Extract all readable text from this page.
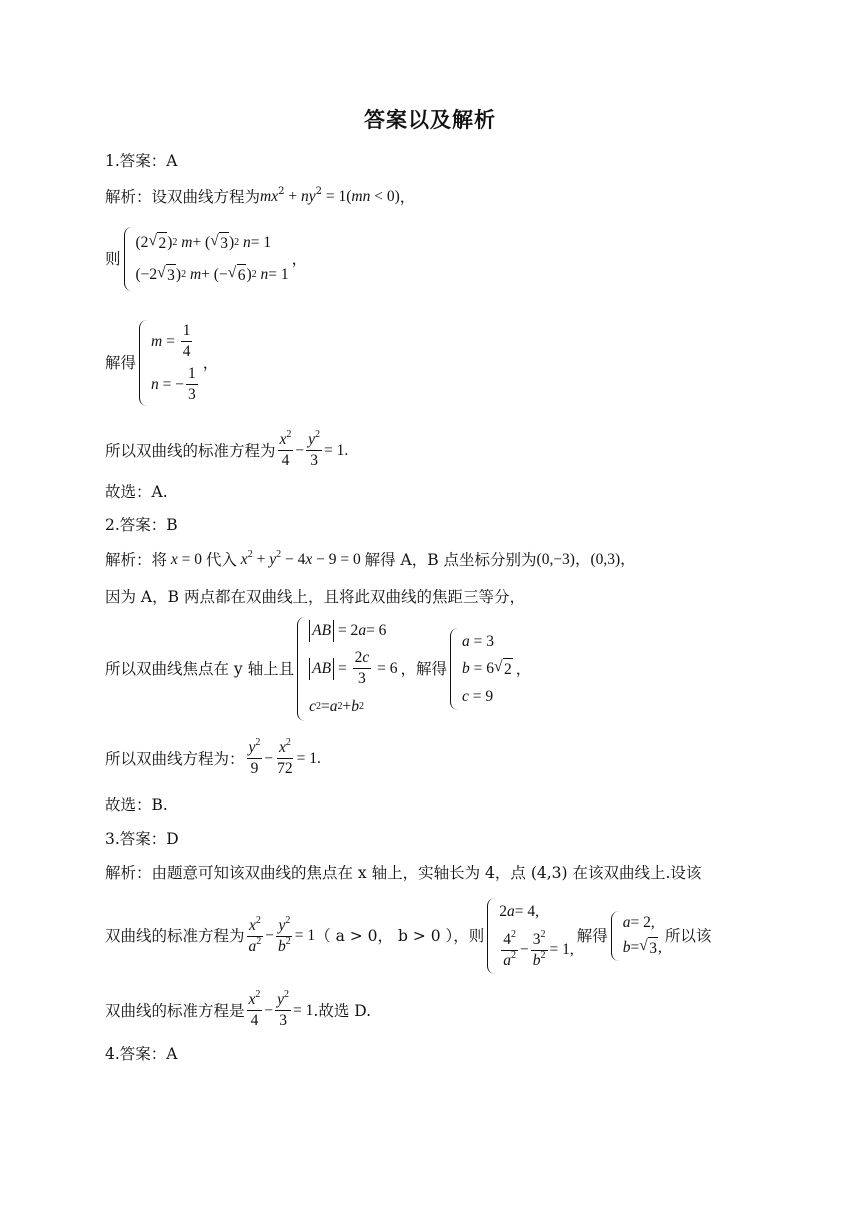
答案以及解析
1.答案：A
解析：设双曲线方程为 $mx^2 + ny^2 = 1(mn < 0)$ ，
则
(2 √ 2 ) 2 m + ( √ 3 ) 2 n = 1
(−2 √ 3 ) 2 m + (− √ 6 ) 2 n = 1
，
解得
$m = \frac{1}{4}$
n = − $\frac{1}{3}$
，
所以双曲线的标准方程为 $\frac{x^2}{4} - \frac{y^2}{3} = 1$.
故选：A.
2.答案：B
解析：将 x = 0 代入 $x^2 + y^2 - 4x - 9 = 0$ 解得 A，B 点坐标分别为 (0,−3)，(0,3)，
因为 A，B 两点都在双曲线上，且将此双曲线的焦距三等分，
所以双曲线焦点在 y 轴上且
AB = 2 a = 6
AB = $\frac{2c}{3} = 6$
c 2 = a 2 + b 2
，解得
a = 3
b = 6 √ 2
c = 9
，
所以双曲线方程为： $\frac{y^2}{9} - \frac{x^2}{72} = 1$.
故选：B.
3.答案：D
解析：由题意可知该双曲线的焦点在 x 轴上，实轴长为 4，点 (4,3) 在该双曲线上.设该
双曲线的标准方程为 $\frac{x^2}{a^2} - \frac{y^2}{b^2} = 1$ （ a > 0， b > 0 ），则
2 a = 4,
$\frac{4^2}{a^2} - \frac{3^2}{b^2} = 1$,
解得
a = 2,
b = √ 3 ,
所以该
双曲线的标准方程是 $\frac{x^2}{4} - \frac{y^2}{3} = 1$ .故选 D.
4.答案：A
